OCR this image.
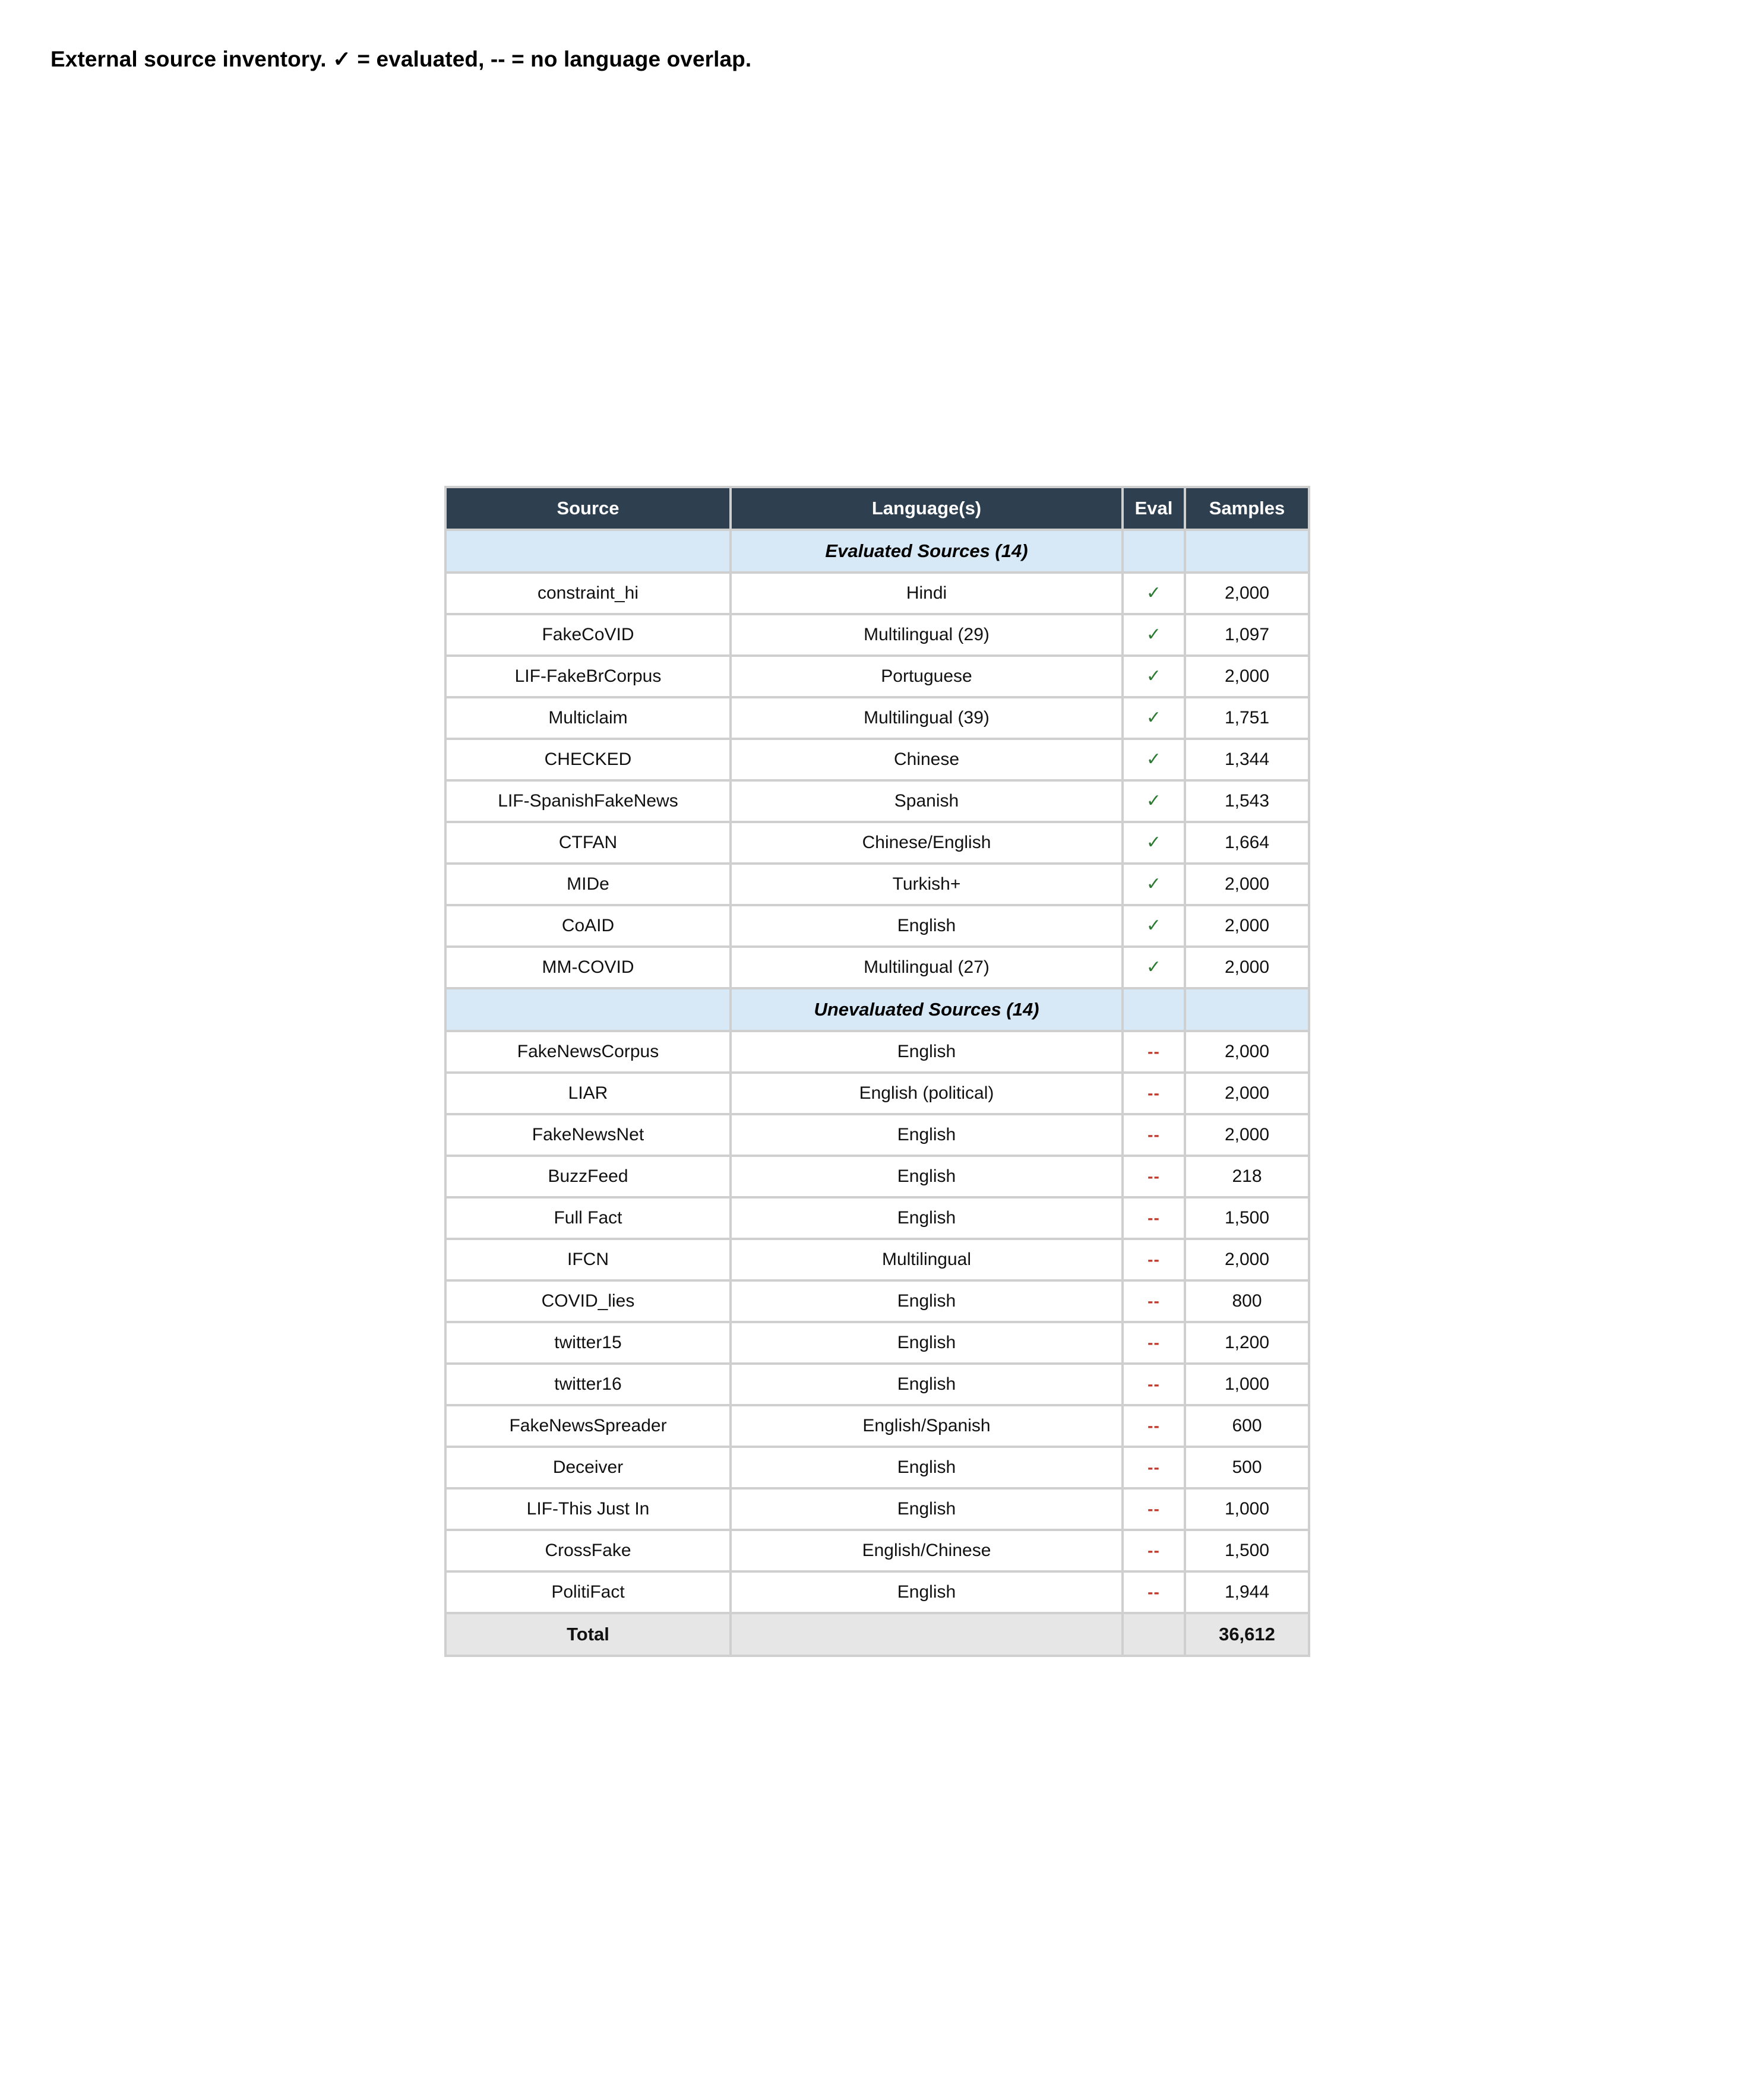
External source inventory. ✓ = evaluated, -- = no language overlap.
Source	Language(s)	Eval	Samples
	Evaluated Sources (14)		
constraint_hi	Hindi	✓	2,000
FakeCoVID	Multilingual (29)	✓	1,097
LIF-FakeBrCorpus	Portuguese	✓	2,000
Multiclaim	Multilingual (39)	✓	1,751
CHECKED	Chinese	✓	1,344
LIF-SpanishFakeNews	Spanish	✓	1,543
CTFAN	Chinese/English	✓	1,664
MIDe	Turkish+	✓	2,000
CoAID	English	✓	2,000
MM-COVID	Multilingual (27)	✓	2,000
	Unevaluated Sources (14)		
FakeNewsCorpus	English	--	2,000
LIAR	English (political)	--	2,000
FakeNewsNet	English	--	2,000
BuzzFeed	English	--	218
Full Fact	English	--	1,500
IFCN	Multilingual	--	2,000
COVID_lies	English	--	800
twitter15	English	--	1,200
twitter16	English	--	1,000
FakeNewsSpreader	English/Spanish	--	600
Deceiver	English	--	500
LIF-This Just In	English	--	1,000
CrossFake	English/Chinese	--	1,500
PolitiFact	English	--	1,944
Total			36,612
